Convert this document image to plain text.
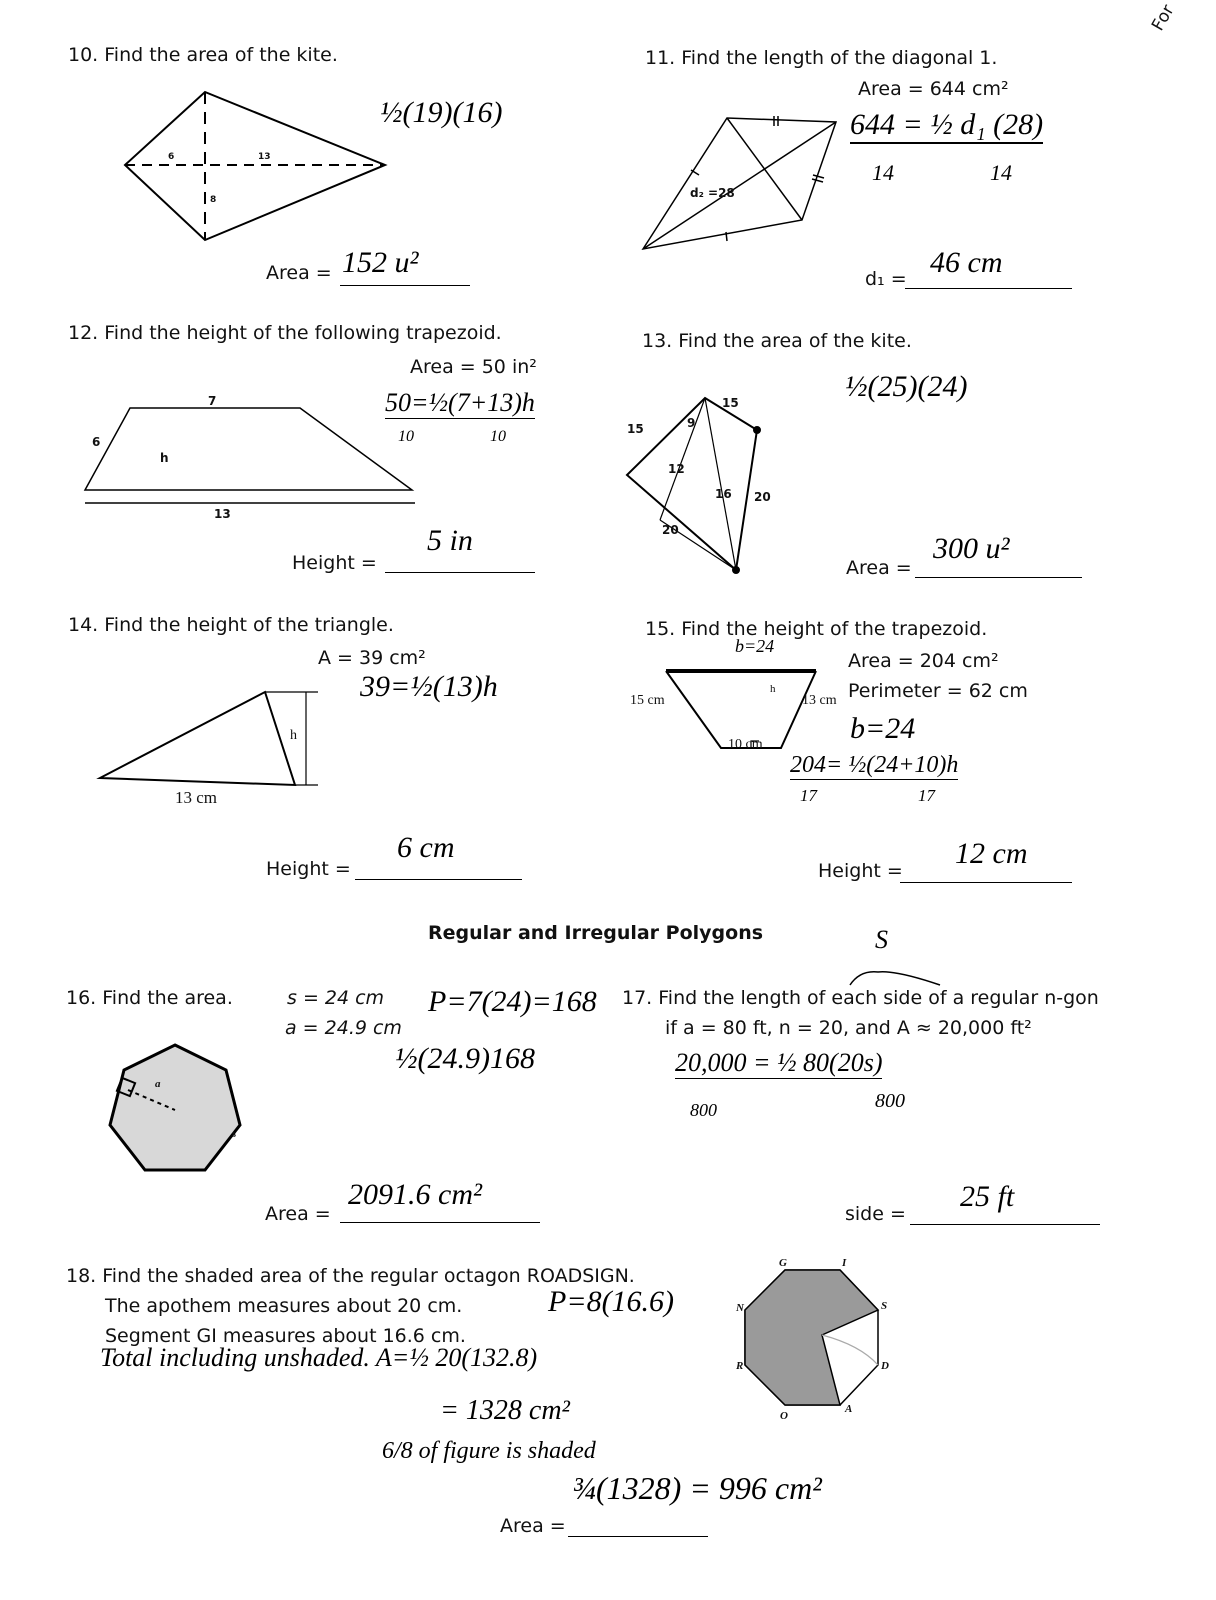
For
10. Find the area of the kite.
6	13
8
½(19)(16)
Area = 152 u²
11. Find the length of the diagonal 1.
Area = 644 cm²
d₂ =28
644 = ½ d₁ (28)
14	14
d₁ = 46 cm
12. Find the height of the following trapezoid.
Area = 50 in²
7
6
h
13
50=½(7+13)h
10	10
Height =
5 in
13. Find the area of the kite.
½(25)(24)
15
9
15
12
16 20
20
Area =
300 u²
14. Find the height of the triangle.
A = 39 cm²
39=½(13)h
h
13 cm
Height =
6 cm
15. Find the height of the trapezoid.
Area = 204 cm²
Perimeter = 62 cm
b=24
15 cm
h
13 cm
10 cm	b=24
204= ½(24+10)h
17	17
Height =
12 cm
Regular and Irregular Polygons
16. Find the area.	s = 24 cm
a = 24.9 cm
a
s
P=7(24)=168
½(24.9)168
Area =
2091.6 cm²
S
17. Find the length of each side of a regular n-gon
if a = 80 ft, n = 20, and A ≈ 20,000 ft²
20,000 = ½ 80(20s)
800	800
side =
25 ft
18. Find the shaded area of the regular octagon ROADSIGN.
The apothem measures about 20 cm.
Segment GI measures about 16.6 cm.
G	I
S
D
A
O
R
N
P=8(16.6)
Total including unshaded. A=½ 20(132.8)
= 1328 cm²
6/8 of figure is shaded
Area =
¾(1328) = 996 cm²
